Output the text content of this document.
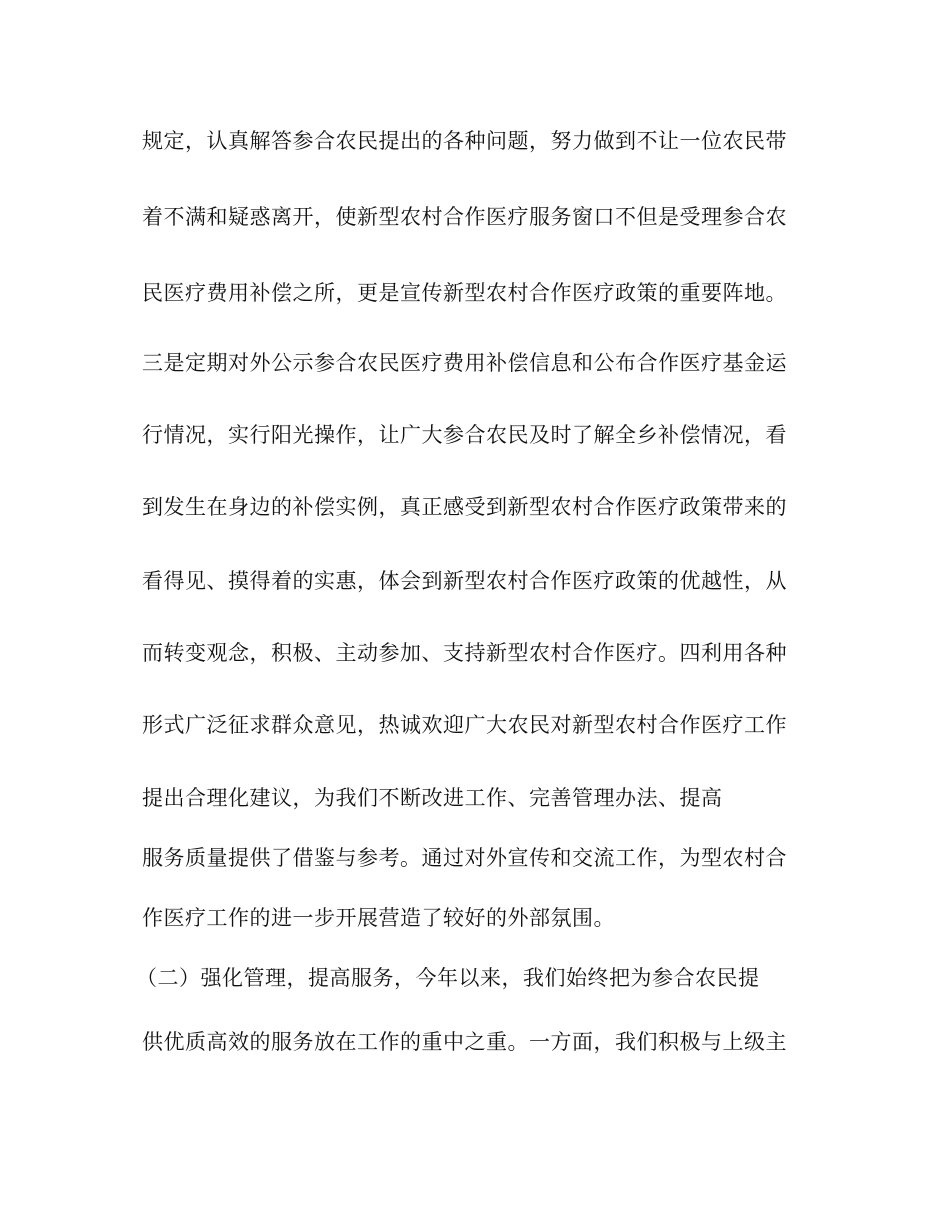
规定，认真解答参合农民提出的各种问题，努力做到不让一位农民带

着不满和疑惑离开，使新型农村合作医疗服务窗口不但是受理参合农

民医疗费用补偿之所，更是宣传新型农村合作医疗政策的重要阵地。

三是定期对外公示参合农民医疗费用补偿信息和公布合作医疗基金运

行情况，实行阳光操作，让广大参合农民及时了解全乡补偿情况，看

到发生在身边的补偿实例，真正感受到新型农村合作医疗政策带来的

看得见、摸得着的实惠，体会到新型农村合作医疗政策的优越性，从

而转变观念，积极、主动参加、支持新型农村合作医疗。四利用各种

形式广泛征求群众意见，热诚欢迎广大农民对新型农村合作医疗工作

提出合理化建议，为我们不断改进工作、完善管理办法、提高

服务质量提供了借鉴与参考。通过对外宣传和交流工作，为型农村合

作医疗工作的进一步开展营造了较好的外部氛围。

（二）强化管理，提高服务，今年以来，我们始终把为参合农民提

供优质高效的服务放在工作的重中之重。一方面，我们积极与上级主
